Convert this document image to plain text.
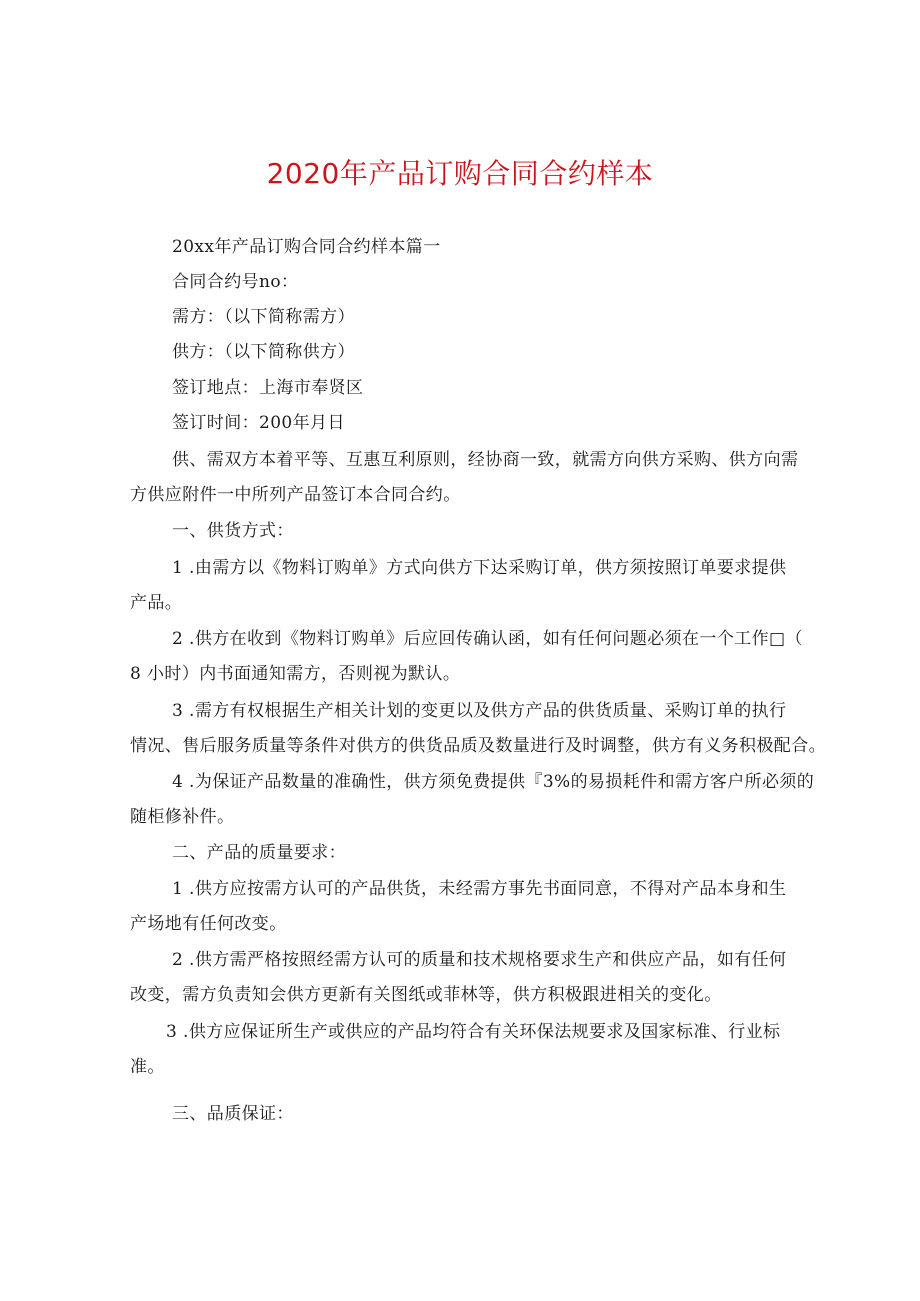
2020年产品订购合同合约样本
20xx年产品订购合同合约样本篇一
合同合约号no：
需方：（以下简称需方）
供方：（以下简称供方）
签订地点：上海市奉贤区
签订时间：200年月日
供、需双方本着平等、互惠互利原则，经协商一致，就需方向供方采购、供方向需
方供应附件一中所列产品签订本合同合约。
一、供货方式：
1 .由需方以《物料订购单》方式向供方下达采购订单，供方须按照订单要求提供
产品。
2 .供方在收到《物料订购单》后应回传确认函，如有任何问题必须在一个工作□（
8 小时）内书面通知需方，否则视为默认。
3 .需方有权根据生产相关计划的变更以及供方产品的供货质量、采购订单的执行
情况、售后服务质量等条件对供方的供货品质及数量进行及时调整，供方有义务积极配合。
4 .为保证产品数量的准确性，供方须免费提供『3%的易损耗件和需方客户所必须的
随柜修补件。
二、产品的质量要求：
1 .供方应按需方认可的产品供货，未经需方事先书面同意，不得对产品本身和生
产场地有任何改变。
2 .供方需严格按照经需方认可的质量和技术规格要求生产和供应产品，如有任何
改变，需方负责知会供方更新有关图纸或菲林等，供方积极跟进相关的变化。
3 .供方应保证所生产或供应的产品均符合有关环保法规要求及国家标准、行业标
准。
三、品质保证：
